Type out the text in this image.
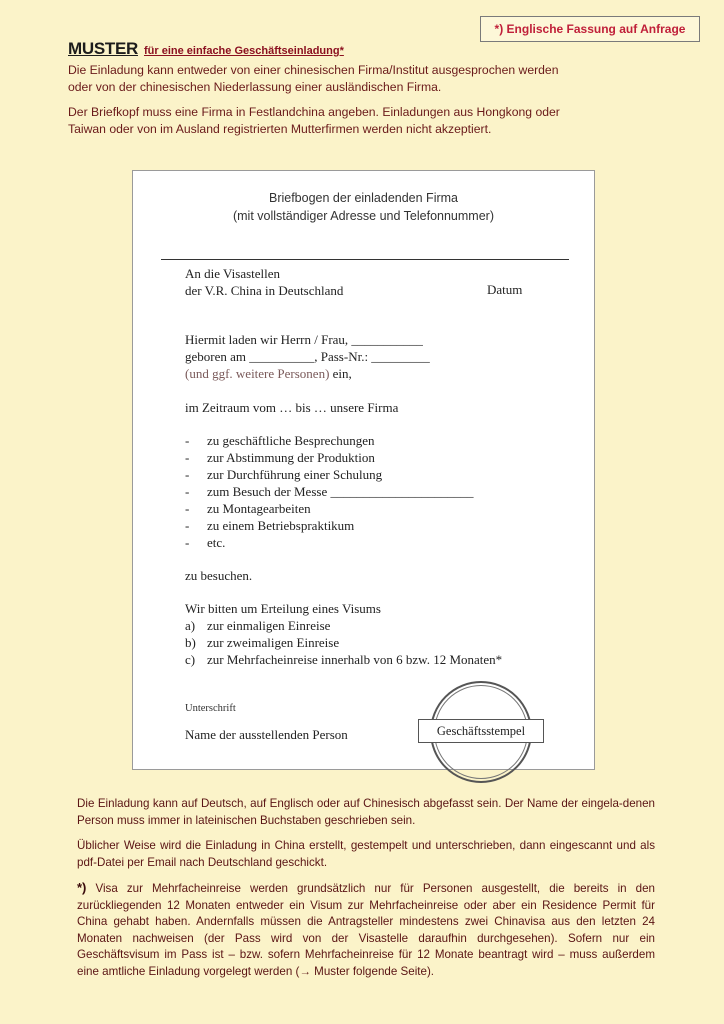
*) Englische Fassung auf Anfrage

MUSTER für eine einfache Geschäftseinladung*

Die Einladung kann entweder von einer chinesischen Firma/Institut ausgesprochen werden
oder von der chinesischen Niederlassung einer ausländischen Firma.

Der Briefkopf muss eine Firma in Festlandchina angeben. Einladungen aus Hongkong oder
Taiwan oder von im Ausland registrierten Mutterfirmen werden nicht akzeptiert.

Briefbogen der einladenden Firma
(mit vollständiger Adresse und Telefonnummer)
An die Visastellen
der V.R. China in Deutschland	Datum
Hiermit laden wir Herrn / Frau, ___________
geboren am __________, Pass-Nr.: _________
(und ggf. weitere Personen) ein,
im Zeitraum vom … bis … unsere Firma
-	zu geschäftliche Besprechungen
-	zur Abstimmung der Produktion
-	zur Durchführung einer Schulung
-	zum Besuch der Messe ______________________
-	zu Montagearbeiten
-	zu einem Betriebspraktikum
-	etc.
zu besuchen.
Wir bitten um Erteilung eines Visums
a) zur einmaligen Einreise
b) zur zweimaligen Einreise
c) zur Mehrfacheinreise innerhalb von 6 bzw. 12 Monaten*
Unterschrift
Name der ausstellenden Person	Geschäftsstempel

Die Einladung kann auf Deutsch, auf Englisch oder auf Chinesisch abgefasst sein. Der Name der eingela-denen Person muss immer in lateinischen Buchstaben geschrieben sein.

Üblicher Weise wird die Einladung in China erstellt, gestempelt und unterschrieben, dann eingescannt und als pdf-Datei per Email nach Deutschland geschickt.

*) Visa zur Mehrfacheinreise werden grundsätzlich nur für Personen ausgestellt, die bereits in den zurückliegenden 12 Monaten entweder ein Visum zur Mehrfacheinreise oder aber ein Residence Permit für China gehabt haben. Andernfalls müssen die Antragsteller mindestens zwei Chinavisa aus den letzten 24 Monaten nachweisen (der Pass wird von der Visastelle daraufhin durchgesehen). Sofern nur ein Geschäftsvisum im Pass ist – bzw. sofern Mehrfacheinreise für 12 Monate beantragt wird – muss außerdem eine amtliche Einladung vorgelegt werden (→ Muster folgende Seite).
